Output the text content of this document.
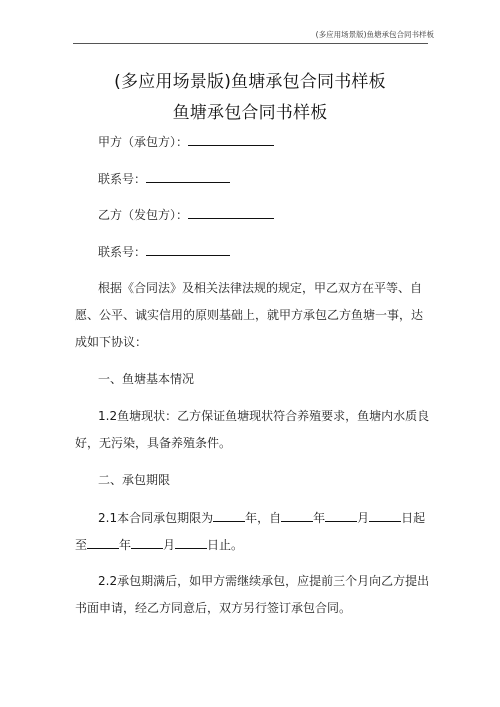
(多应用场景版)鱼塘承包合同书样板
(多应用场景版)鱼塘承包合同书样板
鱼塘承包合同书样板
甲方（承包方）：
联系号：
乙方（发包方）：
联系号：
根据《合同法》及相关法律法规的规定，甲乙双方在平等、自
愿、公平、诚实信用的原则基础上，就甲方承包乙方鱼塘一事，达
成如下协议：
一、鱼塘基本情况
1.2鱼塘现状：乙方保证鱼塘现状符合养殖要求，鱼塘内水质良
好，无污染，具备养殖条件。
二、承包期限
2.1本合同承包期限为	年，自	年	月	日起
至	年	月	日止。
2.2承包期满后，如甲方需继续承包，应提前三个月向乙方提出
书面申请，经乙方同意后，双方另行签订承包合同。
